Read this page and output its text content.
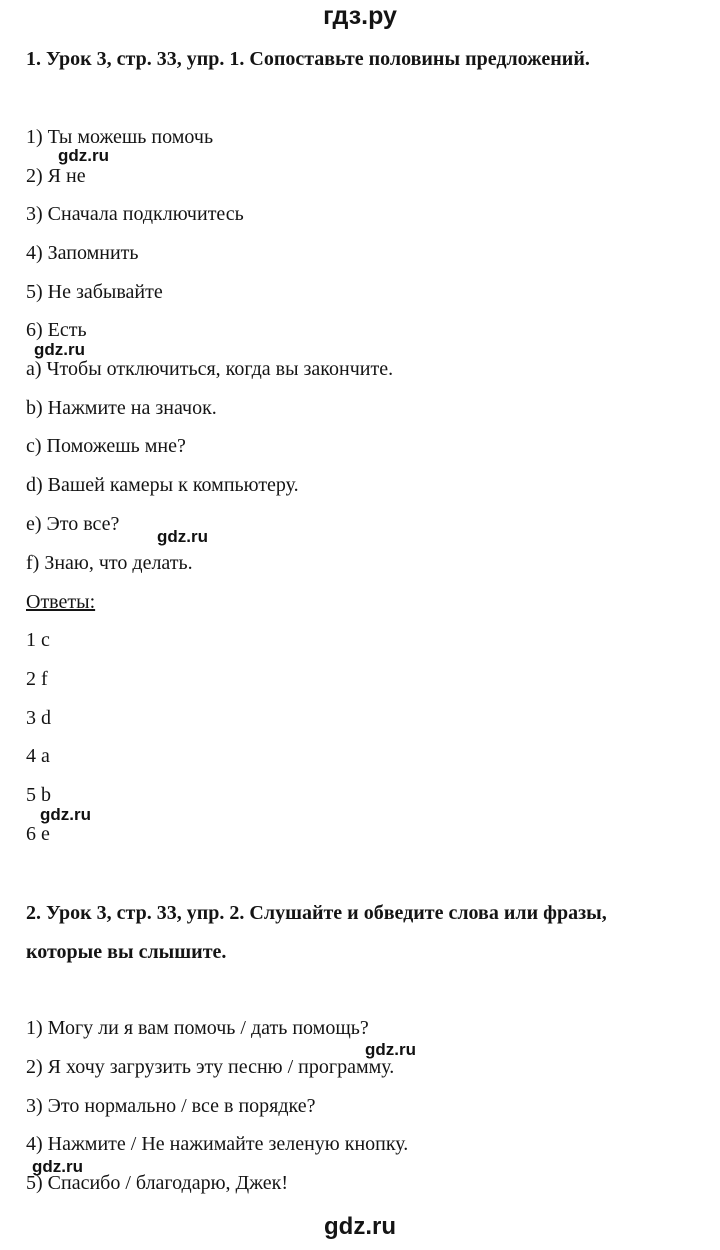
гдз.ру
1. Урок 3, стр. 33, упр. 1. Сопоставьте половины предложений.
1) Ты можешь помочь
2) Я не
3) Сначала подключитесь
4) Запомнить
5) Не забывайте
6) Есть
a) Чтобы отключиться, когда вы закончите.
b) Нажмите на значок.
c) Поможешь мне?
d) Вашей камеры к компьютеру.
e) Это все?
f) Знаю, что делать.
Ответы:
1 c
2 f
3 d
4 a
5 b
6 e
2. Урок 3, стр. 33, упр. 2. Слушайте и обведите слова или фразы,
которые вы слышите.
1) Могу ли я вам помочь / дать помощь?
2) Я хочу загрузить эту песню / программу.
3) Это нормально / все в порядке?
4) Нажмите / Не нажимайте зеленую кнопку.
5) Спасибо / благодарю, Джек!
gdz.ru
gdz.ru
gdz.ru
gdz.ru
gdz.ru
gdz.ru
gdz.ru
